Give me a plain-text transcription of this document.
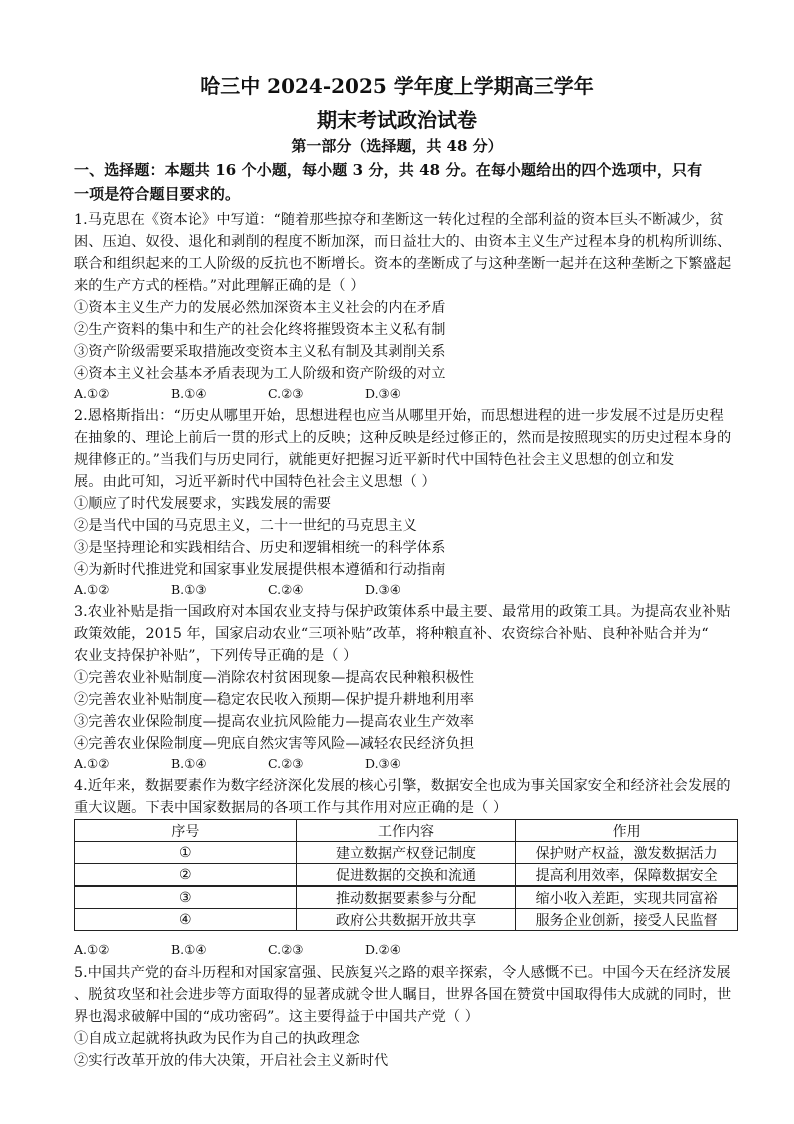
哈三中 2024-2025 学年度上学期高三学年
期末考试政治试卷
第一部分（选择题，共 48 分）
一、选择题：本题共 16 个小题，每小题 3 分，共 48 分。在每小题给出的四个选项中，只有
一项是符合题目要求的。
1.马克思在《资本论》中写道：“随着那些掠夺和垄断这一转化过程的全部利益的资本巨头不断减少，贫
困、压迫、奴役、退化和剥削的程度不断加深，而日益壮大的、由资本主义生产过程本身的机构所训练、
联合和组织起来的工人阶级的反抗也不断增长。资本的垄断成了与这种垄断一起并在这种垄断之下繁盛起
来的生产方式的桎梏。”对此理解正确的是（ ）
①资本主义生产力的发展必然加深资本主义社会的内在矛盾
②生产资料的集中和生产的社会化终将摧毁资本主义私有制
③资产阶级需要采取措施改变资本主义私有制及其剥削关系
④资本主义社会基本矛盾表现为工人阶级和资产阶级的对立
A.①②	B.①④	C.②③	D.③④
2.恩格斯指出：“历史从哪里开始，思想进程也应当从哪里开始，而思想进程的进一步发展不过是历史程
在抽象的、理论上前后一贯的形式上的反映；这种反映是经过修正的，然而是按照现实的历史过程本身的
规律修正的。”当我们与历史同行，就能更好把握习近平新时代中国特色社会主义思想的创立和发
展。由此可知，习近平新时代中国特色社会主义思想（ ）
①顺应了时代发展要求，实践发展的需要
②是当代中国的马克思主义，二十一世纪的马克思主义
③是坚持理论和实践相结合、历史和逻辑相统一的科学体系
④为新时代推进党和国家事业发展提供根本遵循和行动指南
A.①②	B.①③	C.②④	D.③④
3.农业补贴是指一国政府对本国农业支持与保护政策体系中最主要、最常用的政策工具。为提高农业补贴
政策效能，2015 年，国家启动农业“三项补贴”改革，将种粮直补、农资综合补贴、良种补贴合并为“
农业支持保护补贴”，下列传导正确的是（ ）
①完善农业补贴制度—消除农村贫困现象—提高农民种粮积极性
②完善农业补贴制度—稳定农民收入预期—保护提升耕地利用率
③完善农业保险制度—提高农业抗风险能力—提高农业生产效率
④完善农业保险制度—兜底自然灾害等风险—减轻农民经济负担
A.①②	B.①④	C.②③	D.③④
4.近年来，数据要素作为数字经济深化发展的核心引擎，数据安全也成为事关国家安全和经济社会发展的
重大议题。下表中国家数据局的各项工作与其作用对应正确的是（ ）
序号	工作内容	作用
①	建立数据产权登记制度	保护财产权益，激发数据活力
②	促进数据的交换和流通	提高利用效率，保障数据安全
③	推动数据要素参与分配	缩小收入差距，实现共同富裕
④	政府公共数据开放共享	服务企业创新，接受人民监督
A.①②	B.①④	C.②③	D.②④
5.中国共产党的奋斗历程和对国家富强、民族复兴之路的艰辛探索，令人感慨不已。中国今天在经济发展
、脱贫攻坚和社会进步等方面取得的显著成就令世人瞩目，世界各国在赞赏中国取得伟大成就的同时，世
界也渴求破解中国的“成功密码”。这主要得益于中国共产党（ ）
①自成立起就将执政为民作为自己的执政理念
②实行改革开放的伟大决策，开启社会主义新时代
